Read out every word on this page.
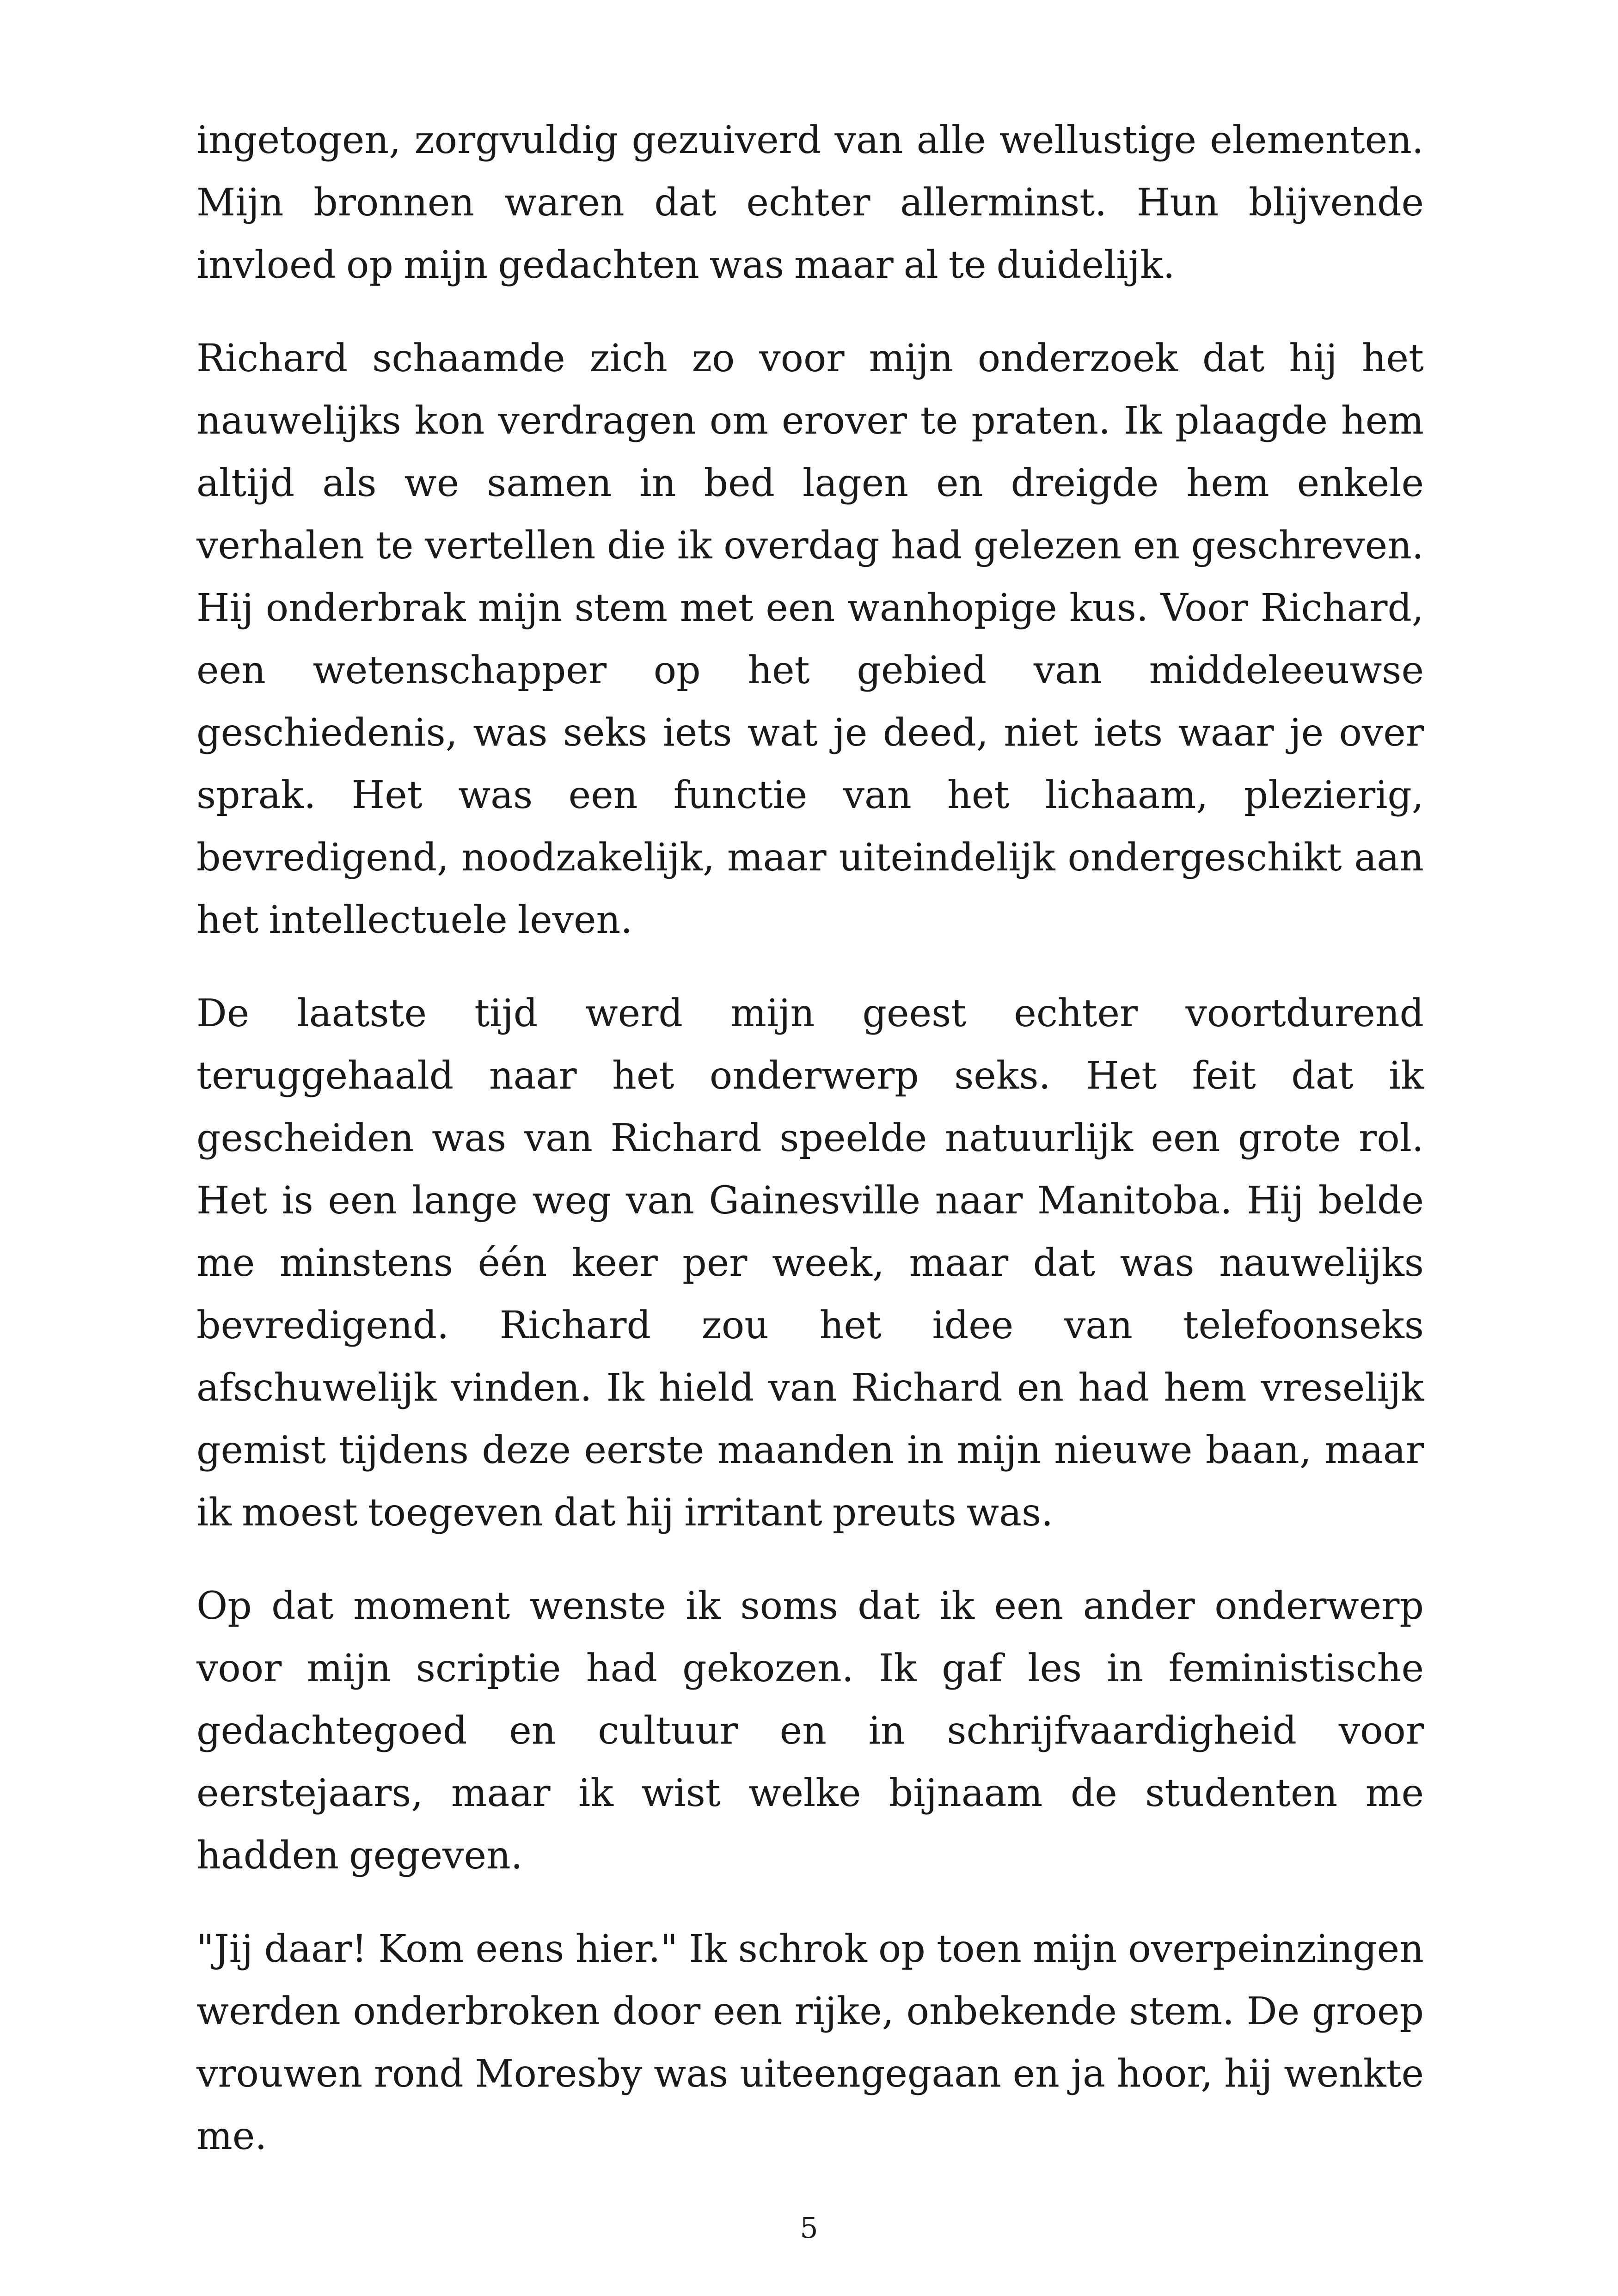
ingetogen, zorgvuldig gezuiverd van alle wellustige elementen. Mijn bronnen waren dat echter allerminst. Hun blijvende invloed op mijn gedachten was maar al te duidelijk.

Richard schaamde zich zo voor mijn onderzoek dat hij het nauwelijks kon verdragen om erover te praten. Ik plaagde hem altijd als we samen in bed lagen en dreigde hem enkele verhalen te vertellen die ik overdag had gelezen en geschreven. Hij onderbrak mijn stem met een wanhopige kus. Voor Richard, een wetenschapper op het gebied van middeleeuwse geschiedenis, was seks iets wat je deed, niet iets waar je over sprak. Het was een functie van het lichaam, plezierig, bevredigend, noodzakelijk, maar uiteindelijk ondergeschikt aan het intellectuele leven.

De laatste tijd werd mijn geest echter voortdurend teruggehaald naar het onderwerp seks. Het feit dat ik gescheiden was van Richard speelde natuurlijk een grote rol. Het is een lange weg van Gainesville naar Manitoba. Hij belde me minstens één keer per week, maar dat was nauwelijks bevredigend. Richard zou het idee van telefoonseks afschuwelijk vinden. Ik hield van Richard en had hem vreselijk gemist tijdens deze eerste maanden in mijn nieuwe baan, maar ik moest toegeven dat hij irritant preuts was.

Op dat moment wenste ik soms dat ik een ander onderwerp voor mijn scriptie had gekozen. Ik gaf les in feministische gedachtegoed en cultuur en in schrijfvaardigheid voor eerstejaars, maar ik wist welke bijnaam de studenten me hadden gegeven.

"Jij daar! Kom eens hier." Ik schrok op toen mijn overpeinzingen werden onderbroken door een rijke, onbekende stem. De groep vrouwen rond Moresby was uiteengegaan en ja hoor, hij wenkte me.

5
